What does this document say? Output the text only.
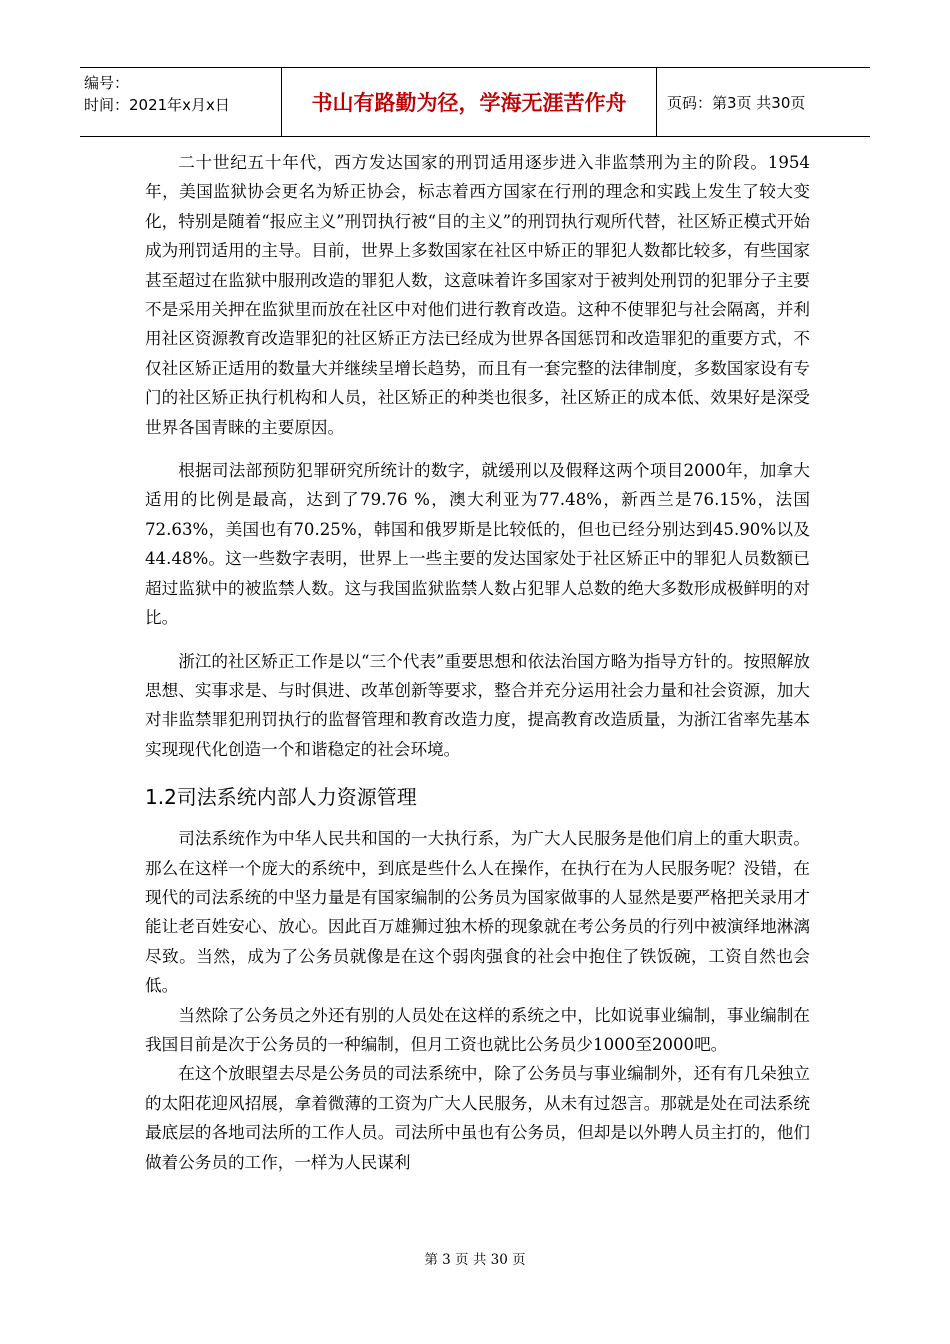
编号：
时间：2021年x月x日	书山有路勤为径，学海无涯苦作舟	页码：第3页 共30页

二十世纪五十年代，西方发达国家的刑罚适用逐步进入非监禁刑为主的阶段。1954年，美国监狱协会更名为矫正协会，标志着西方国家在行刑的理念和实践上发生了较大变化，特别是随着“报应主义”刑罚执行被“目的主义”的刑罚执行观所代替，社区矫正模式开始成为刑罚适用的主导。目前，世界上多数国家在社区中矫正的罪犯人数都比较多，有些国家甚至超过在监狱中服刑改造的罪犯人数，这意味着许多国家对于被判处刑罚的犯罪分子主要不是采用关押在监狱里而放在社区中对他们进行教育改造。这种不使罪犯与社会隔离，并利用社区资源教育改造罪犯的社区矫正方法已经成为世界各国惩罚和改造罪犯的重要方式，不仅社区矫正适用的数量大并继续呈增长趋势，而且有一套完整的法律制度，多数国家设有专门的社区矫正执行机构和人员，社区矫正的种类也很多，社区矫正的成本低、效果好是深受世界各国青睐的主要原因。

根据司法部预防犯罪研究所统计的数字，就缓刑以及假释这两个项目2000年，加拿大适用的比例是最高，达到了79.76 %，澳大利亚为77.48%，新西兰是76.15%，法国72.63%，美国也有70.25%，韩国和俄罗斯是比较低的，但也已经分别达到45.90%以及44.48%。这一些数字表明，世界上一些主要的发达国家处于社区矫正中的罪犯人员数额已超过监狱中的被监禁人数。这与我国监狱监禁人数占犯罪人总数的绝大多数形成极鲜明的对比。

浙江的社区矫正工作是以“三个代表”重要思想和依法治国方略为指导方针的。按照解放思想、实事求是、与时俱进、改革创新等要求，整合并充分运用社会力量和社会资源，加大对非监禁罪犯刑罚执行的监督管理和教育改造力度，提高教育改造质量，为浙江省率先基本实现现代化创造一个和谐稳定的社会环境。

1.2司法系统内部人力资源管理

司法系统作为中华人民共和国的一大执行系，为广大人民服务是他们肩上的重大职责。那么在这样一个庞大的系统中，到底是些什么人在操作，在执行在为人民服务呢？没错，在现代的司法系统的中坚力量是有国家编制的公务员为国家做事的人显然是要严格把关录用才能让老百姓安心、放心。因此百万雄狮过独木桥的现象就在考公务员的行列中被演绎地淋漓尽致。当然，成为了公务员就像是在这个弱肉强食的社会中抱住了铁饭碗，工资自然也会低。

当然除了公务员之外还有别的人员处在这样的系统之中，比如说事业编制，事业编制在我国目前是次于公务员的一种编制，但月工资也就比公务员少1000至2000吧。

在这个放眼望去尽是公务员的司法系统中，除了公务员与事业编制外，还有有几朵独立的太阳花迎风招展，拿着微薄的工资为广大人民服务，从未有过怨言。那就是处在司法系统最底层的各地司法所的工作人员。司法所中虽也有公务员，但却是以外聘人员主打的，他们做着公务员的工作，一样为人民谋利

第 3 页 共 30 页
